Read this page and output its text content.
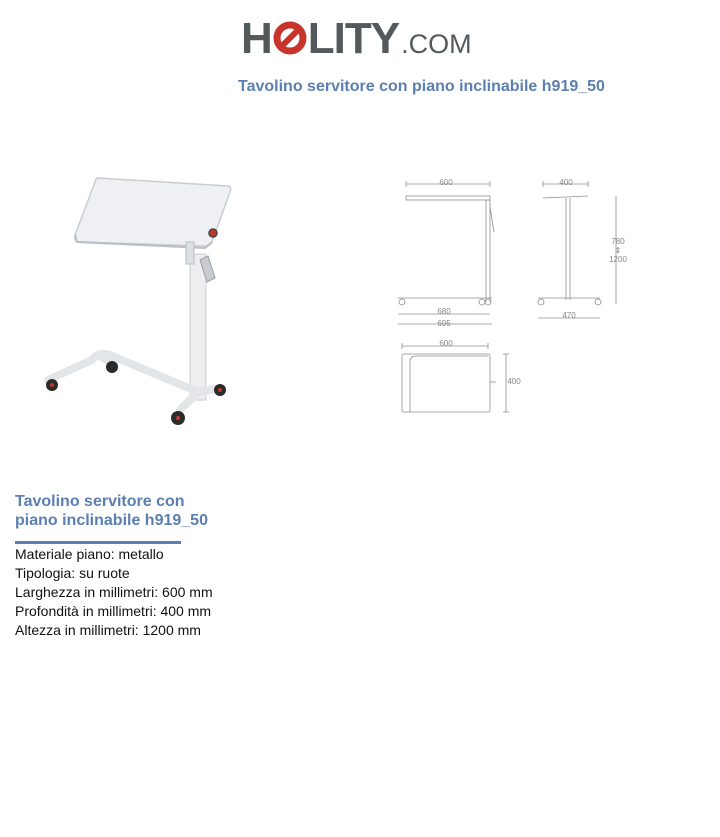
H LITY .COM
Tavolino servitore con piano inclinabile h919_50
600
680
695
400
780
⇕
1200
470
600
400
Tavolino servitore con piano inclinabile h919_50
Materiale piano: metallo
Tipologia: su ruote
Larghezza in millimetri: 600 mm
Profondità in millimetri: 400 mm
Altezza in millimetri: 1200 mm
